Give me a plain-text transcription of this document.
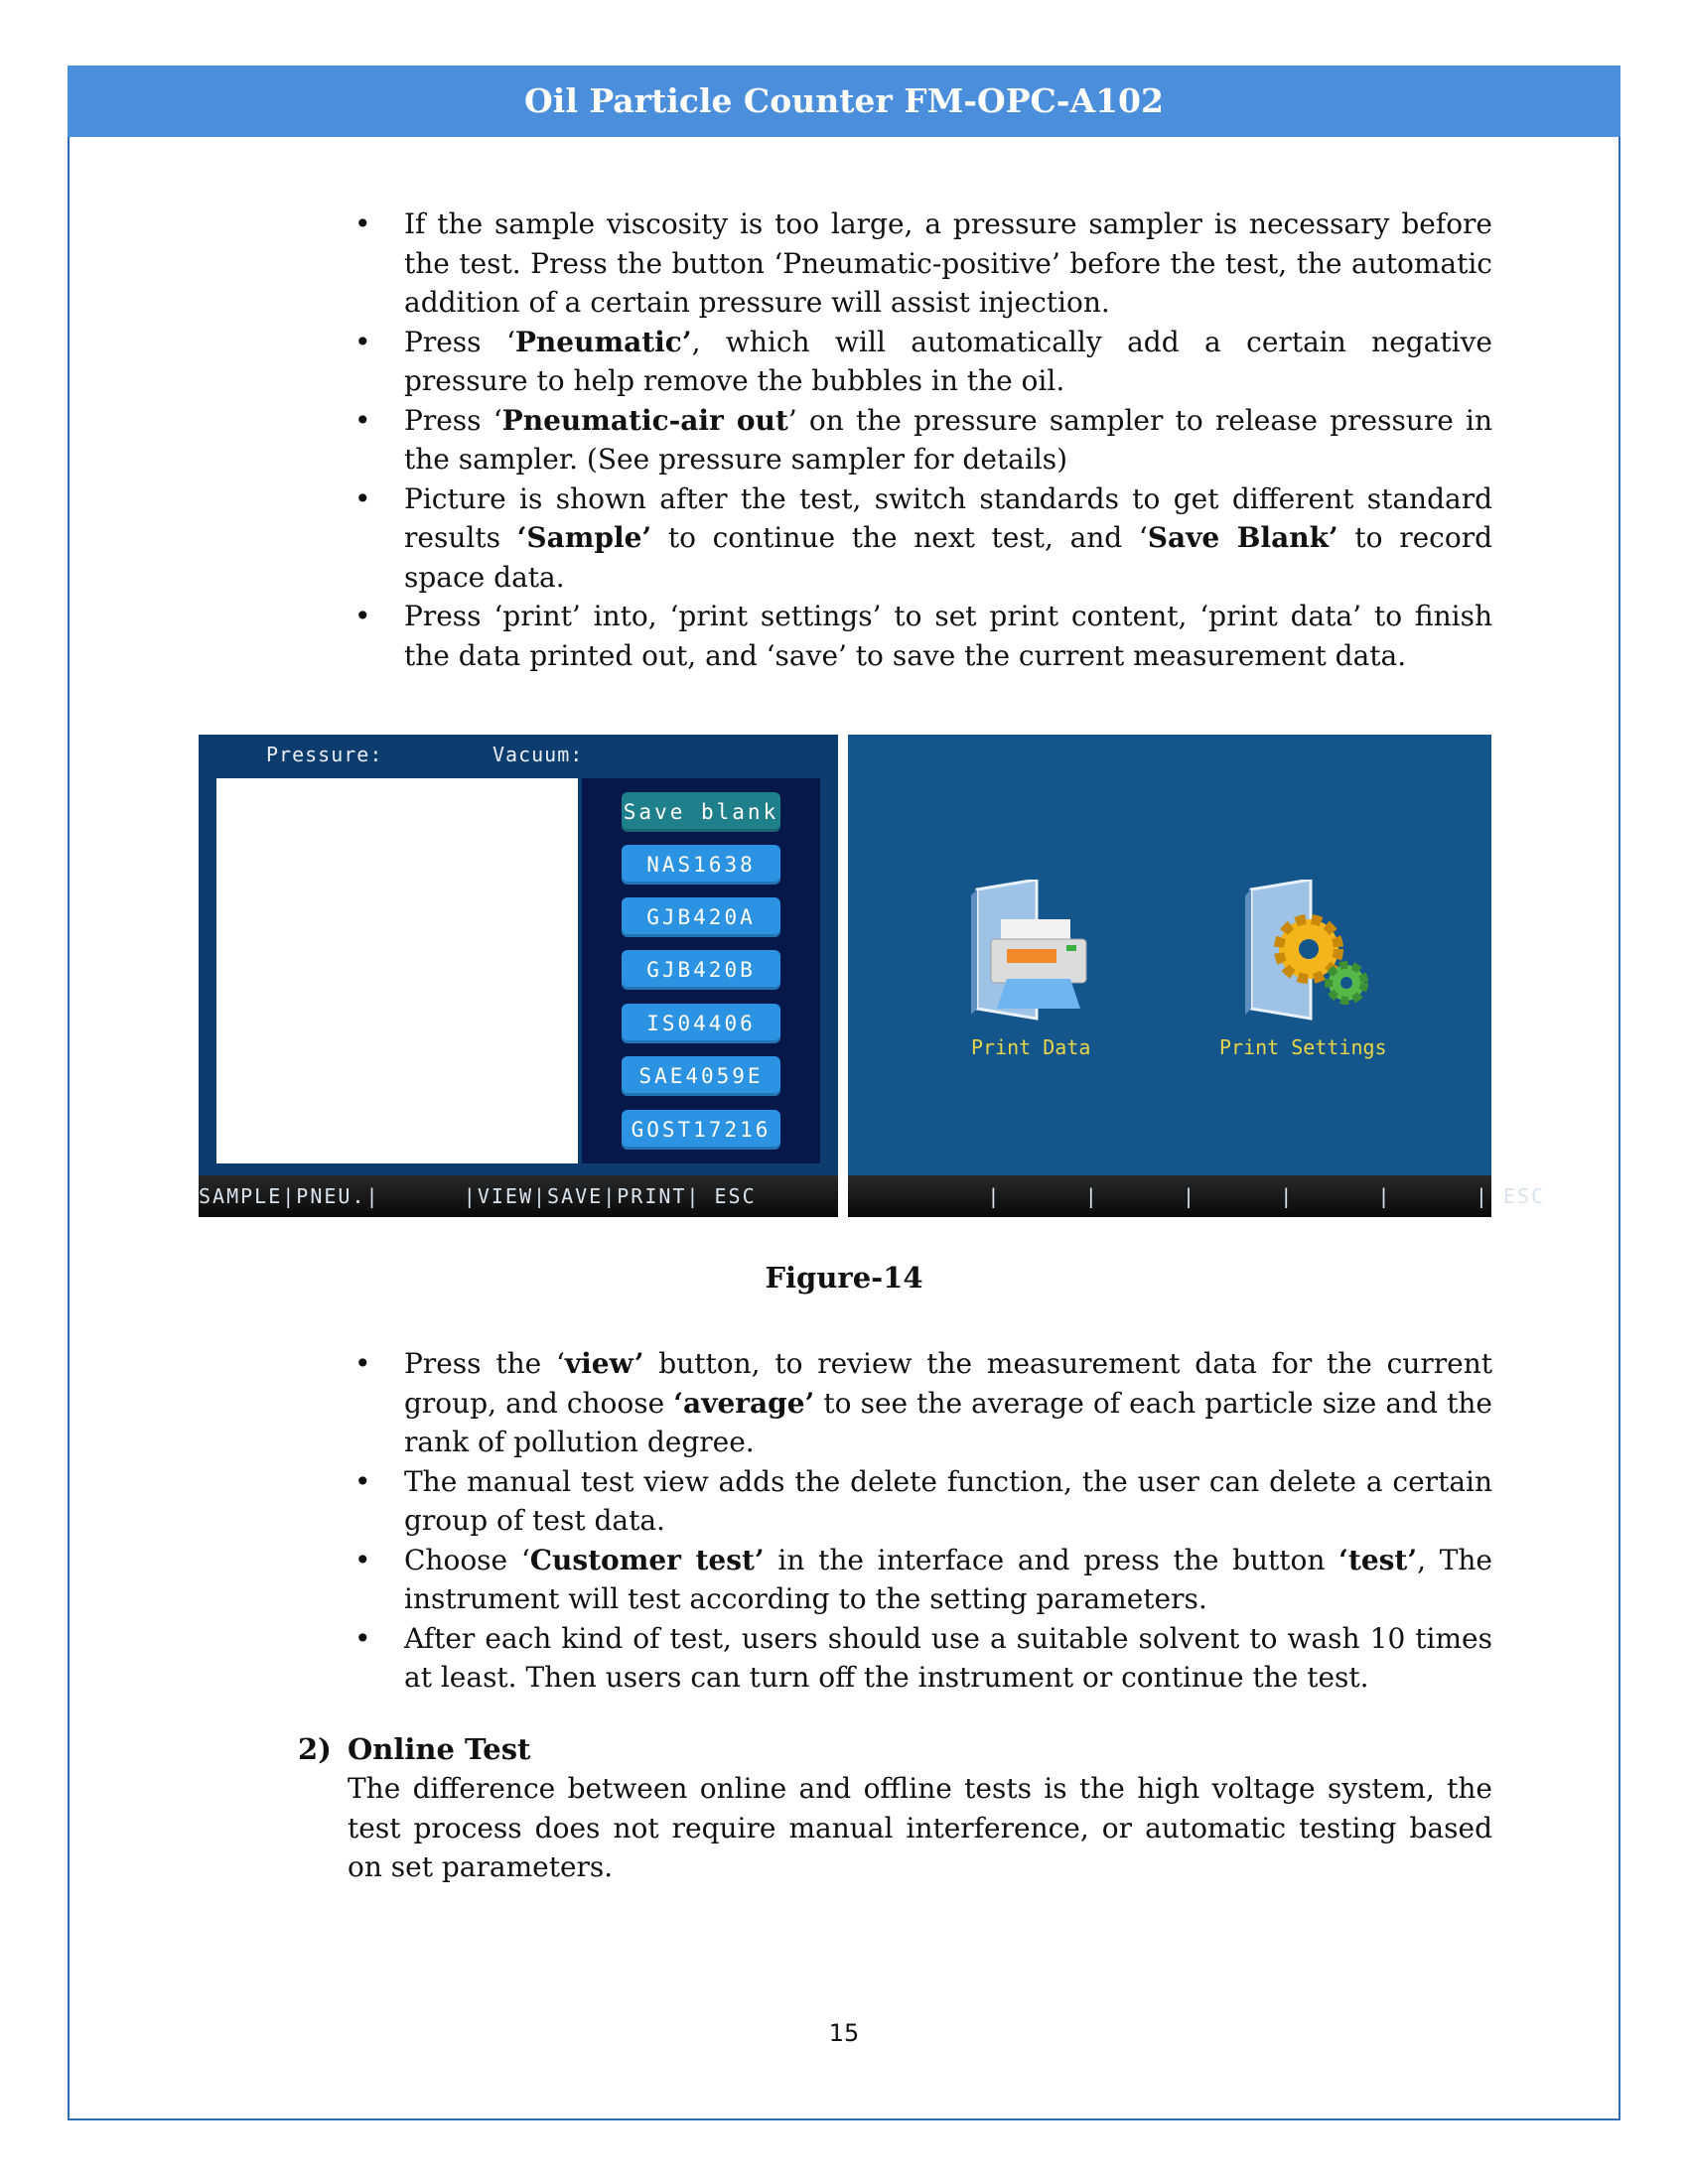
Oil Particle Counter FM-OPC-A102
• If the sample viscosity is too large, a pressure sampler is necessary before the test. Press the button ‘Pneumatic-positive’ before the test, the automatic addition of a certain pressure will assist injection.
• Press ‘Pneumatic’, which will automatically add a certain negative pressure to help remove the bubbles in the oil.
• Press ‘Pneumatic-air out’ on the pressure sampler to release pressure in the sampler. (See pressure sampler for details)
• Picture is shown after the test, switch standards to get different standard results ‘Sample’ to continue the next test, and ‘Save Blank’ to record space data.
• Press ‘print’ into, ‘print settings’ to set print content, ‘print data’ to finish the data printed out, and ‘save’ to save the current measurement data.
Pressure:	Vacuum:
Save blank
NAS1638
GJB420A
GJB420B
IS04406
SAE4059E
GOST17216
SAMPLE|PNEU.|      |VIEW|SAVE|PRINT| ESC
Print Data	Print Settings
|      |      |      |      |      | ESC
Figure-14
• Press the ‘view’ button, to review the measurement data for the current group, and choose ‘average’ to see the average of each particle size and the rank of pollution degree.
• The manual test view adds the delete function, the user can delete a certain group of test data.
• Choose ‘Customer test’ in the interface and press the button ‘test’, The instrument will test according to the setting parameters.
• After each kind of test, users should use a suitable solvent to wash 10 times at least. Then users can turn off the instrument or continue the test.
2) Online Test
The difference between online and offline tests is the high voltage system, the test process does not require manual interference, or automatic testing based on set parameters.
15
